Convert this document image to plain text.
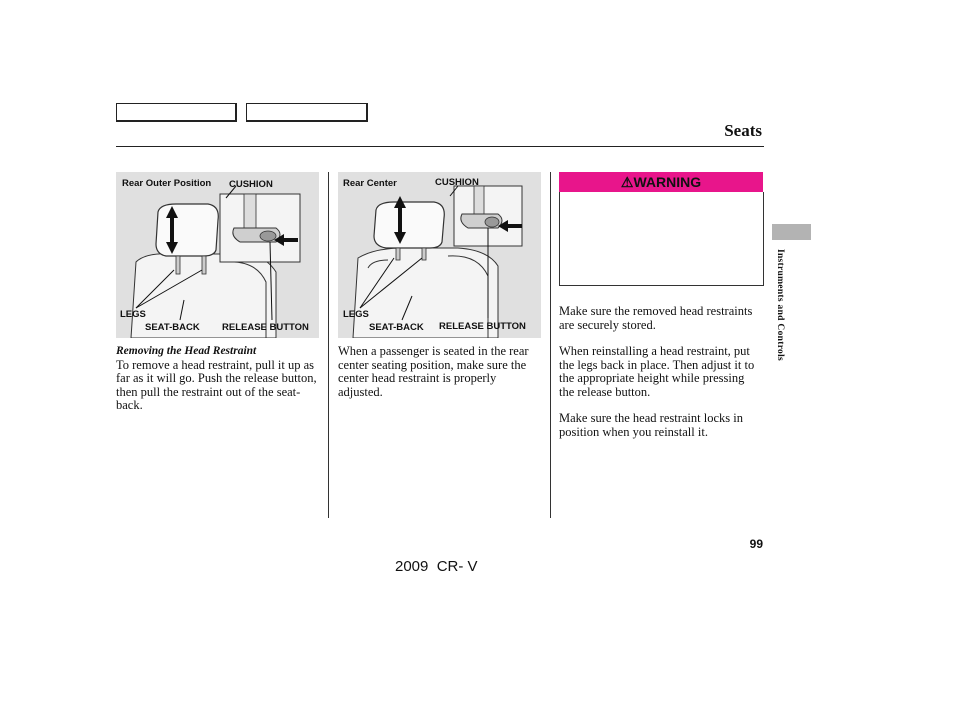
Seats
Rear Outer Position CUSHION
LEGS
SEAT-BACK RELEASE BUTTON
Rear Center	CUSHION
LEGS
SEAT-BACK RELEASE BUTTON
⚠WARNING
Removing the Head Restraint
To remove a head restraint, pull it up as far as it will go. Push the release button, then pull the restraint out of the seat-back.
When a passenger is seated in the rear center seating position, make sure the center head restraint is properly adjusted.
Make sure the removed head restraints are securely stored.
When reinstalling a head restraint, put the legs back in place. Then adjust it to the appropriate height while pressing the release button.
Make sure the head restraint locks in position when you reinstall it.
Instruments and Controls
99
2009  CR- V
